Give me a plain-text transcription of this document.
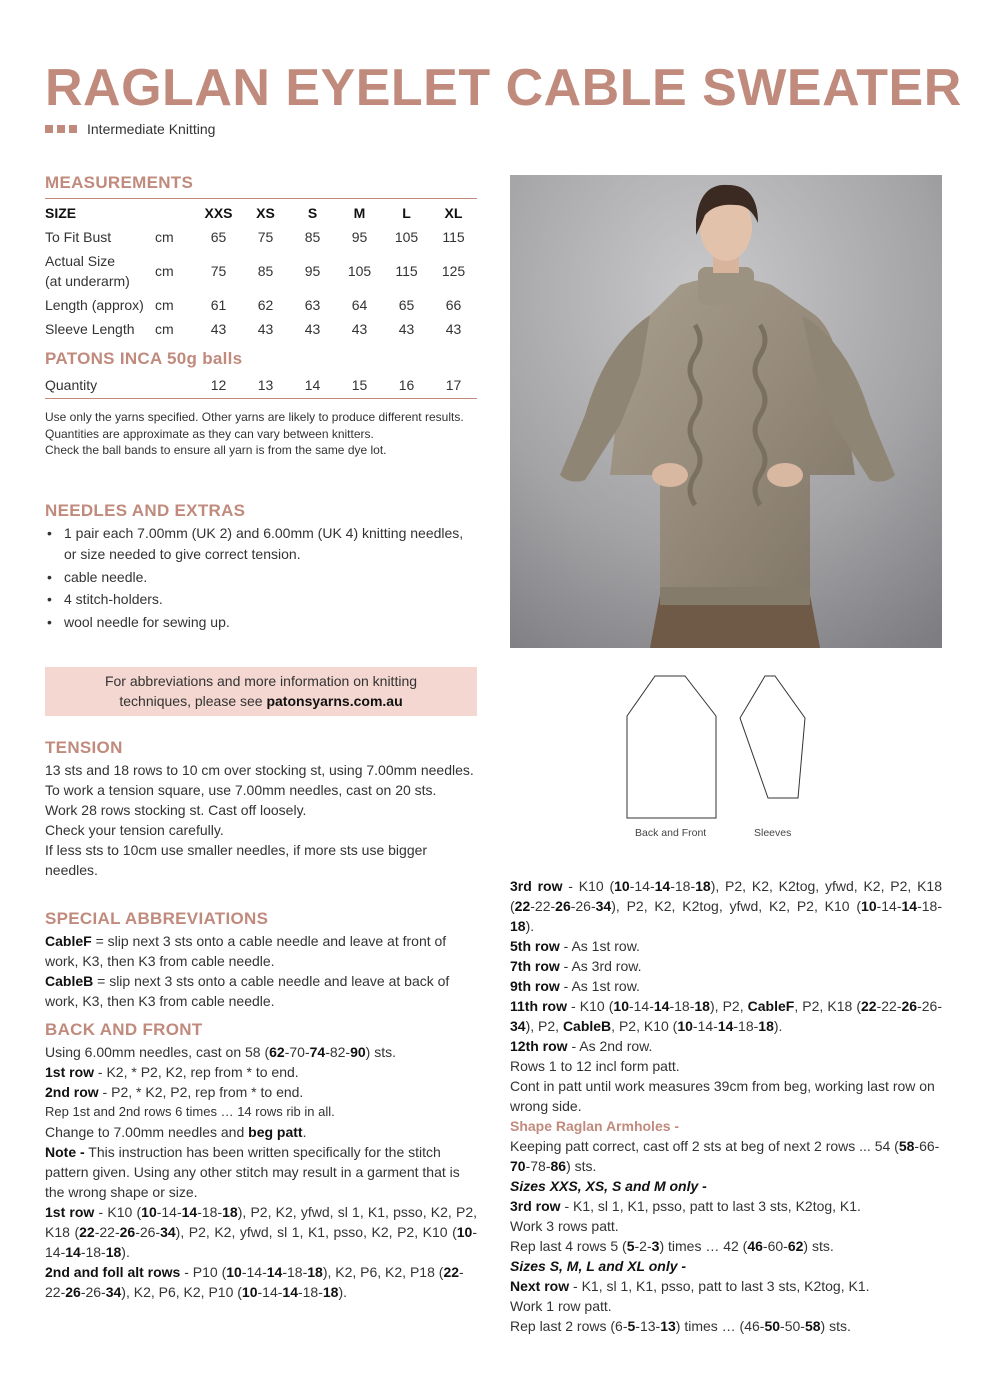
RAGLAN EYELET CABLE SWEATER
Intermediate Knitting
MEASUREMENTS
SIZE		XXS	XS	S	M	L	XL
To Fit Bust	cm	65	75	85	95	105	115
Actual Size
(at underarm)	cm	75	85	95	105	115	125
Length (approx)	cm	61	62	63	64	65	66
Sleeve Length	cm	43	43	43	43	43	43
PATONS INCA 50g balls
Quantity		12	13	14	15	16	17
Use only the yarns specified. Other yarns are likely to produce different results.
Quantities are approximate as they can vary between knitters.
Check the ball bands to ensure all yarn is from the same dye lot.
NEEDLES AND EXTRAS
• 1 pair each 7.00mm (UK 2) and 6.00mm (UK 4) knitting needles, or size needed to give correct tension.
• cable needle.
• 4 stitch-holders.
• wool needle for sewing up.
For abbreviations and more information on knitting
techniques, please see patonsyarns.com.au
TENSION
13 sts and 18 rows to 10 cm over stocking st, using 7.00mm needles.
To work a tension square, use 7.00mm needles, cast on 20 sts.
Work 28 rows stocking st. Cast off loosely.
Check your tension carefully.
If less sts to 10cm use smaller needles, if more sts use bigger needles.
SPECIAL ABBREVIATIONS
CableF = slip next 3 sts onto a cable needle and leave at front of work, K3, then K3 from cable needle.
CableB = slip next 3 sts onto a cable needle and leave at back of work, K3, then K3 from cable needle.
BACK AND FRONT
Using 6.00mm needles, cast on 58 (62-70-74-82-90) sts.
1st row - K2, * P2, K2, rep from * to end.
2nd row - P2, * K2, P2, rep from * to end.
Rep 1st and 2nd rows 6 times … 14 rows rib in all.
Change to 7.00mm needles and beg patt.
Note - This instruction has been written specifically for the stitch pattern given. Using any other stitch may result in a garment that is the wrong shape or size.
1st row - K10 (10-14-14-18-18), P2, K2, yfwd, sl 1, K1, psso, K2, P2, K18 (22-22-26-26-34), P2, K2, yfwd, sl 1, K1, psso, K2, P2, K10 (10-14-14-18-18).
2nd and foll alt rows - P10 (10-14-14-18-18), K2, P6, K2, P18 (22-22-26-26-34), K2, P6, K2, P10 (10-14-14-18-18).
Back and Front	Sleeves
3rd row - K10 (10-14-14-18-18), P2, K2, K2tog, yfwd, K2, P2, K18 (22-22-26-26-34), P2, K2, K2tog, yfwd, K2, P2, K10 (10-14-14-18-18).
5th row - As 1st row.
7th row - As 3rd row.
9th row - As 1st row.
11th row - K10 (10-14-14-18-18), P2, CableF, P2, K18 (22-22-26-26-34), P2, CableB, P2, K10 (10-14-14-18-18).
12th row - As 2nd row.
Rows 1 to 12 incl form patt.
Cont in patt until work measures 39cm from beg, working last row on wrong side.
Shape Raglan Armholes -
Keeping patt correct, cast off 2 sts at beg of next 2 rows ... 54 (58-66-70-78-86) sts.
Sizes XXS, XS, S and M only -
3rd row - K1, sl 1, K1, psso, patt to last 3 sts, K2tog, K1.
Work 3 rows patt.
Rep last 4 rows 5 (5-2-3) times … 42 (46-60-62) sts.
Sizes S, M, L and XL only -
Next row - K1, sl 1, K1, psso, patt to last 3 sts, K2tog, K1.
Work 1 row patt.
Rep last 2 rows (6-5-13-13) times … (46-50-50-58) sts.
